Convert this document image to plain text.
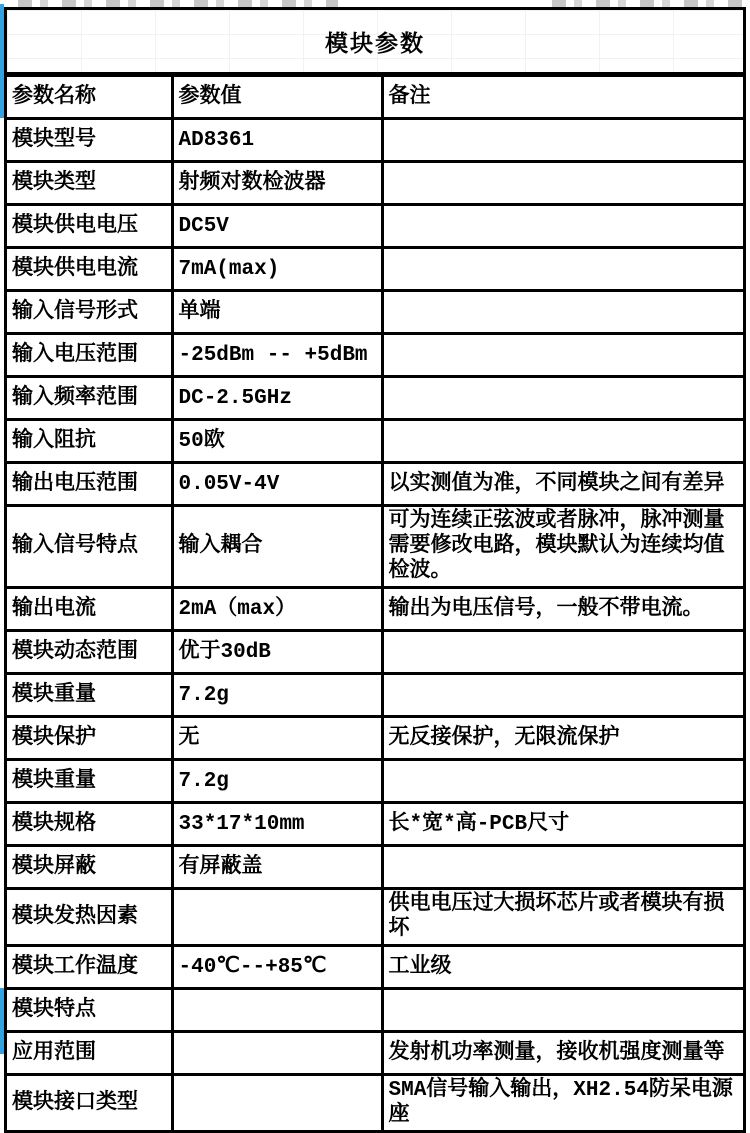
模块参数
参数名称	参数值	备注
模块型号	AD8361	
模块类型	射频对数检波器	
模块供电电压	DC5V	
模块供电电流	7mA(max)	
输入信号形式	单端	
输入电压范围	-25dBm -- +5dBm	
输入频率范围	DC-2.5GHz	
输入阻抗	50欧	
输出电压范围	0.05V-4V	以实测值为准，不同模块之间有差异
输入信号特点	输入耦合	可为连续正弦波或者脉冲，脉冲测量需要修改电路，模块默认为连续均值检波。
输出电流	2mA（max）	输出为电压信号，一般不带电流。
模块动态范围	优于30dB	
模块重量	7.2g	
模块保护	无	无反接保护，无限流保护
模块重量	7.2g	
模块规格	33*17*10mm	长*宽*高-PCB尺寸
模块屏蔽	有屏蔽盖	
模块发热因素		供电电压过大损坏芯片或者模块有损坏
模块工作温度	-40℃--+85℃	工业级
模块特点		
应用范围		发射机功率测量，接收机强度测量等
模块接口类型		SMA信号输入输出，XH2.54防呆电源座
